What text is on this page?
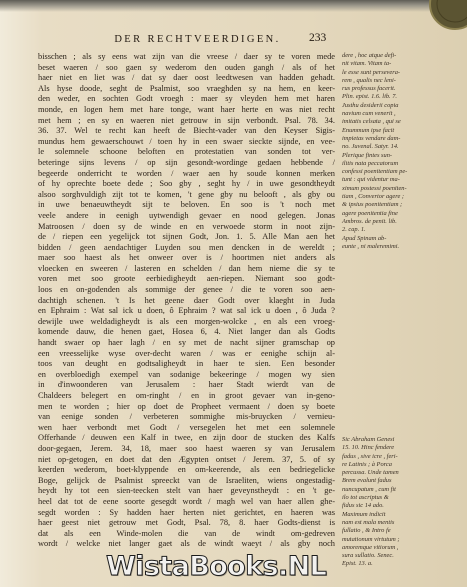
DER RECHTVEERDIGEN.	233
bisschen ; als sy eens wat zijn van die vreese / daer sy te voren mede
beset waeren / soo gaen sy wederom den ouden gangh / als of het
haer niet en liet was / dat sy daer oost leedtwesen van hadden gehadt.
Als hyse doode, seght de Psalmist, soo vraeghden sy na hem, en keer-
den weder, en sochten Godt vroegh : maer sy vleyden hem met haren
monde, en logen hem met hare tonge, want haer herte en was niet recht
met hem ; en sy en waeren niet getrouw in sijn verbondt. Psal. 78. 34.
36. 37. Wel te recht kan heeft de Biecht-vader van den Keyser Sigis-
mundus hem gewaerschouwt / toen hy in een swaer sieckte sijnde, en vee-
le solemnele schoone beloften en protestatien van sonden tot ver-
beteringe sijns levens / op sijn gesondt-wordinge gedaen hebbende /
begeerde onderricht te worden / waer aen hy soude konnen merken
of hy oprechte boete dede ; Soo gby , seght hy / in uwe gesondtheydt
alsoo sorghvuldigh zijt tot te komen, 't gene gby nu belooft , als gby ou
in uwe benaeuwtheydt sijt te beloven. En soo is 't noch met
veele andere in eenigh uytwendigh gevaer en nood gelegen. Jonas
Matroosen / doen sy de winde en en verwoede storm in noot zijn-
de / riepen een yegelijck tot sijnen Godt, Jon. 1. 5. Alle Man aen het
bidden / geen aendachtiger Luyden sou men dencken in de wereldt ;
maer soo haest als het onweer over is / hoortmen niet anders als
vloecken en sweeren / lasteren en schelden / dan hem nieme die sy te
voren met soo groote eerbiedigheydt aen-riepen. Niemant soo godt-
loos en on-godenden als sommige der genee / die te voren soo aen-
dachtigh schenen. 't Is het geene daer Godt over klaeght in Juda
en Ephraim : Wat sal ick u doen, ô Ephraim ? wat sal ick u doen , ô Juda ?
dewijle uwe weldadigheydt is als een morgen-wolcke , en als een vroeg-
komende dauw, die henen gaet, Hosea 6, 4. Niet langer dan als Godts
handt swaer op haer lagh / en sy met de nacht sijner gramschap op
een vreesselijke wyse over-decht waren / was er eenighe schijn al-
toos van deught en godtsaligheydt in haer te sien. Een besonder
en overbloedigh exempel van sodanige bekeeringe / mogen wy sien
in d'inwoonderen van Jerusalem : haer Stadt wierdt van de
Chaldeers belegert en om-ringht / en in groot gevaer van in-geno-
men te worden ; hier op doet de Propheet vermaent / doen sy boete
van eenige sonden / verbeteren sommighe mis-bruycken / vernieu-
wen haer verbondt met Godt / versegelen het met een solemnele
Offerhande / deuwen een Kalf in twee, en zijn door de stucken des Kalfs
door-gegaen, Jerem. 34, 18, maer soo haest waeren sy van Jerusalem
niet op-getogen, en doet dat den Ægypten ontset / Jerem. 37, 5. of sy
keerden wederom, boet-klyppende en om-keerende, als een bedriegelicke
Boge, gelijck de Psalmist spreeckt van de Israeliten, wiens ongestadig-
heydt hy tot een sien-teecken stelt van haer geveynstheydt : en 't ge-
heel dat tot de eene soorte gesegdt wordt / magh wel van haer allen ghe-
segdt worden : Sy hadden haer herten niet gerichtet, en haeren was
haer geest niet getrouw met Godt, Psal. 78, 8. haer Godts-dienst is
dat als een Winde-molen die van de windt om-gedreven
wordt / welcke niet langer gaet als de windt waeyt / als gby noch
dere , hoc atque defi-
nit vitam. Vitam ta-
le esse sunt persevera-
rem , qualis nec leni-
rus professus facerit.
Plin. epist. 1.6. lib. 7.
Justhu desiderii copia
navium cum venerit ,
imitatis celsata , qui se
Enummum ipse facit
impietas vendare dam-
no. Juvenal. Satyr. 14.
Plerique fintes sun-
ilitis nata peccatorum
confessi poenitentiam pe-
tunt : qui videntur ma-
ximum postessi poeniten-
tiam , Convertor agere ;
& ipsius poenitentiam ;
agere poenitentia fine
Ambros. de penit. lib.
2. cap. 1.
Apud Spinam ab-
eunte , ni maleremimi.
Sic Abraham Genesi
15. 10. Hinc fendere
fadus , sive icre , feri-
re Latinis ; à Porca
percussa. Unde tamen
Brem evalunt fadus
nuncupatum , cum fit
ilo tot ascriptus &
fidus sic 14 ado.
Maximum indicit
nam est mala mentis
fullatio , & Intro fe
mutationum virtutum ;
amoremque vitiorum ,
sura sullatio. Senec.
Epist. 13. a.
WistaBooks.NL
